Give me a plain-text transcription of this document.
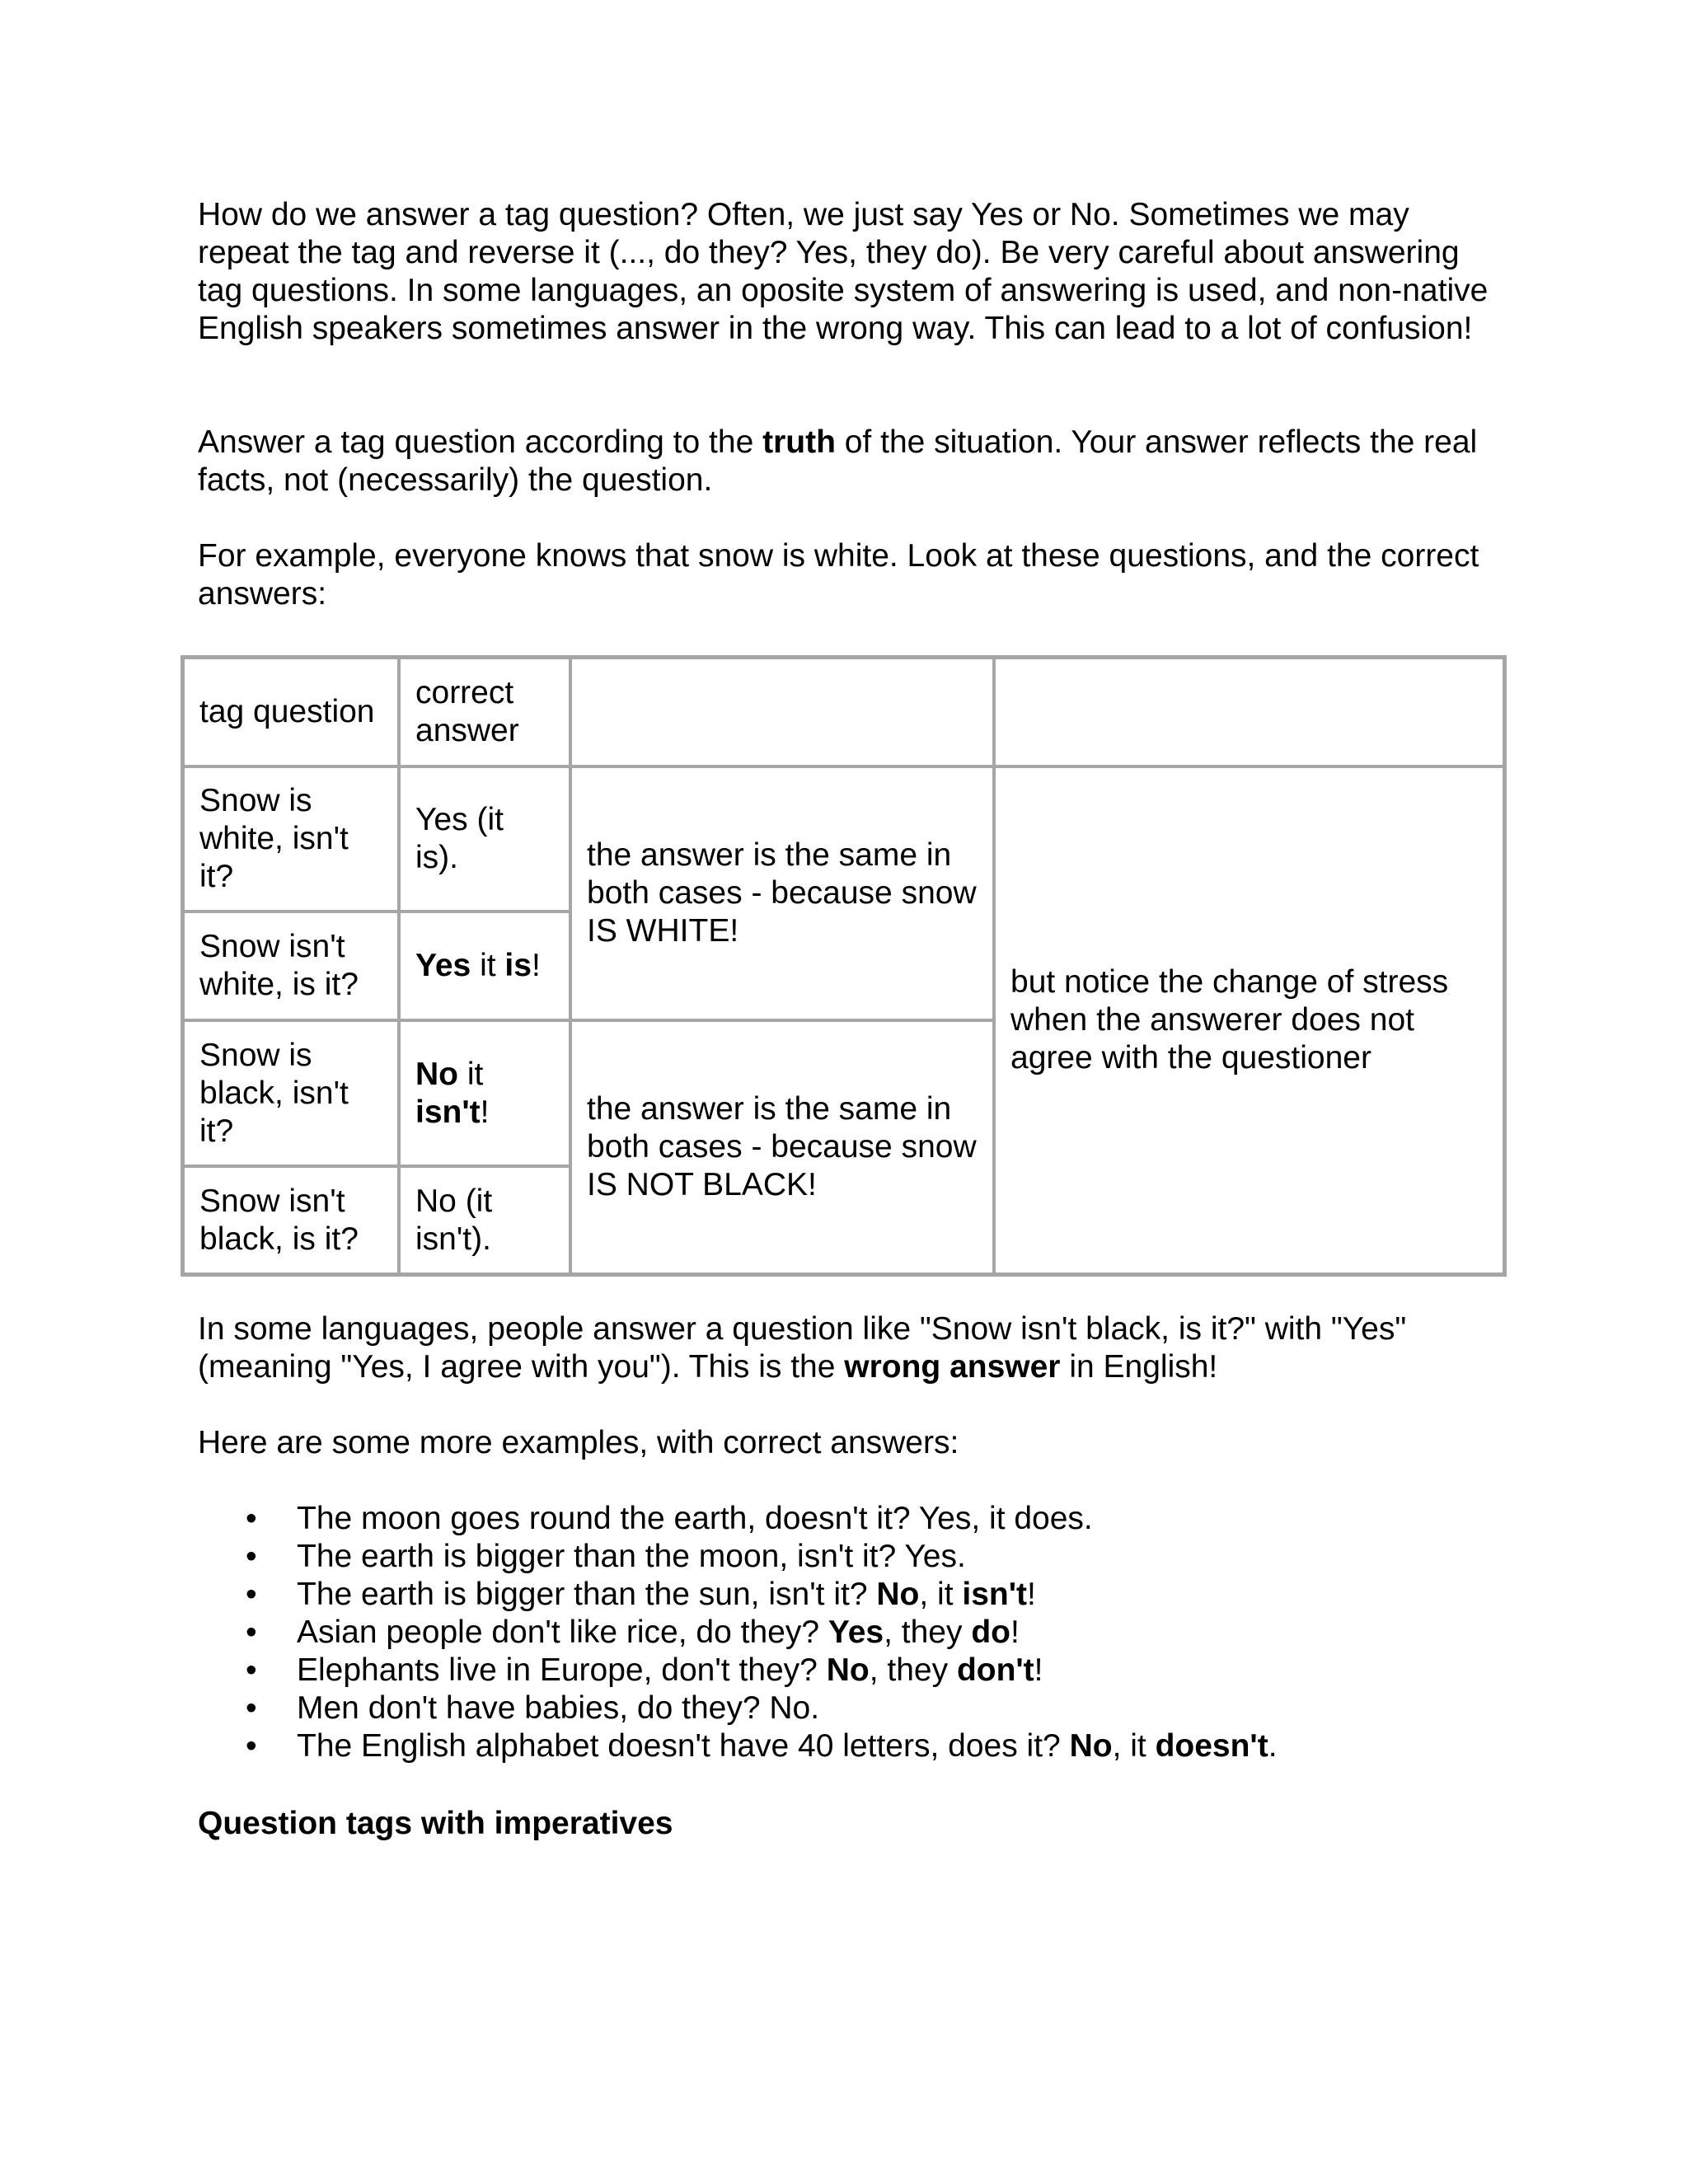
How do we answer a tag question? Often, we just say Yes or No. Sometimes we may repeat the tag and reverse it (..., do they? Yes, they do). Be very careful about answering tag questions. In some languages, an oposite system of answering is used, and non-native English speakers sometimes answer in the wrong way. This can lead to a lot of confusion!

Answer a tag question according to the truth of the situation. Your answer reflects the real facts, not (necessarily) the question.

For example, everyone knows that snow is white. Look at these questions, and the correct answers:

tag question	correct answer		
Snow is white, isn't it?	Yes (it is).	the answer is the same in both cases - because snow IS WHITE!	but notice the change of stress when the answerer does not agree with the questioner
Snow isn't white, is it?	Yes it is!		
Snow is black, isn't it?	No it isn't!	the answer is the same in both cases - because snow IS NOT BLACK!	
Snow isn't black, is it?	No (it isn't).		

In some languages, people answer a question like "Snow isn't black, is it?" with "Yes" (meaning "Yes, I agree with you"). This is the wrong answer in English!

Here are some more examples, with correct answers:

• The moon goes round the earth, doesn't it? Yes, it does.
• The earth is bigger than the moon, isn't it? Yes.
• The earth is bigger than the sun, isn't it? No, it isn't!
• Asian people don't like rice, do they? Yes, they do!
• Elephants live in Europe, don't they? No, they don't!
• Men don't have babies, do they? No.
• The English alphabet doesn't have 40 letters, does it? No, it doesn't.

Question tags with imperatives
